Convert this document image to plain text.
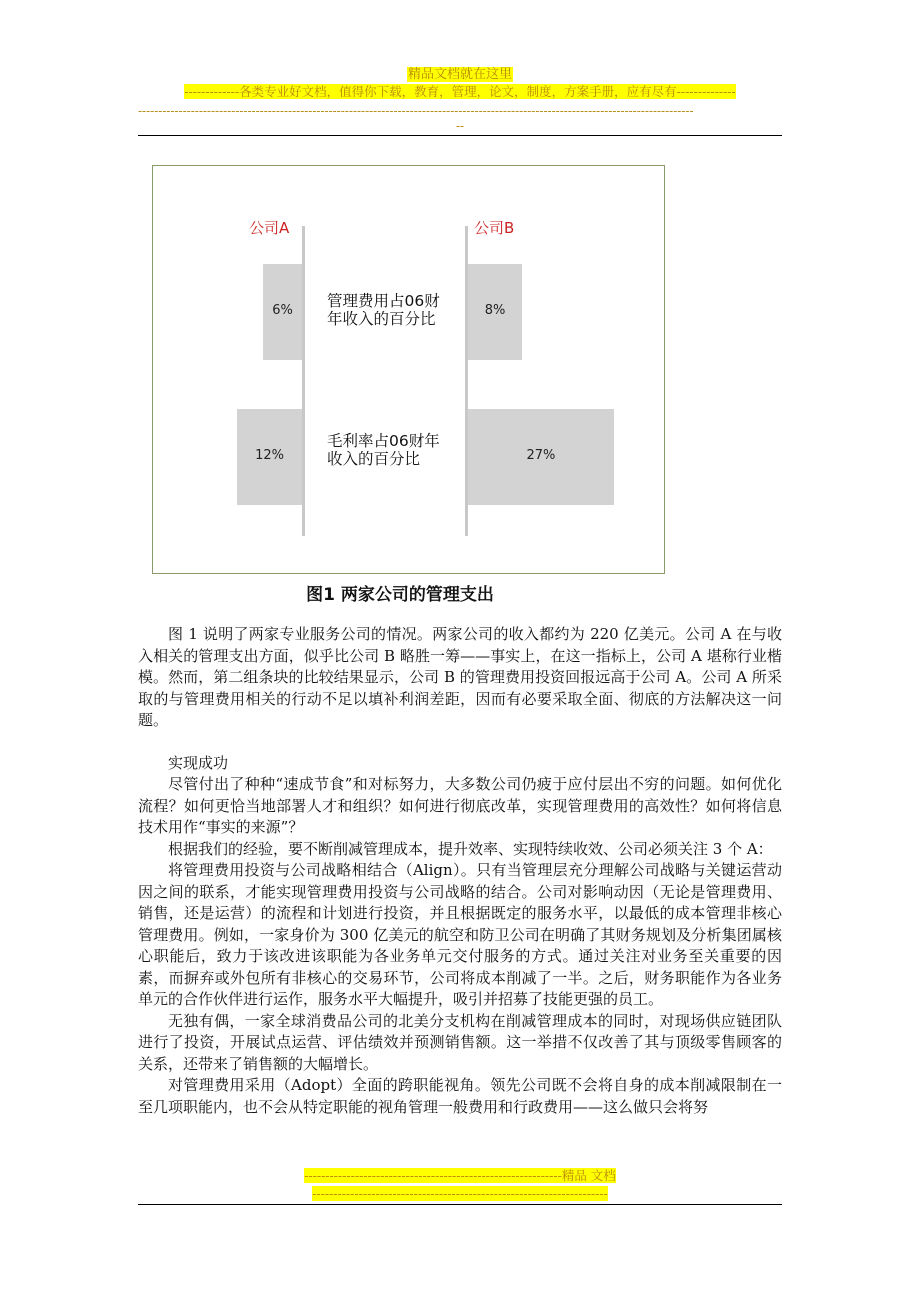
精品文档就在这里
-------------各类专业好文档，值得你下载，教育，管理，论文，制度，方案手册，应有尽有--------------
-----------------------------------------------------------------------------------------------------------------------------------------
--
公司A	公司B
6%	8%
12%	27%
管理费用占06财
年收入的百分比
毛利率占06财年
收入的百分比
图1 两家公司的管理支出

图 1 说明了两家专业服务公司的情况。两家公司的收入都约为 220 亿美元。公司 A 在与收入相关的管理支出方面，似乎比公司 B 略胜一筹——事实上，在这一指标上，公司 A 堪称行业楷模。然而，第二组条块的比较结果显示，公司 B 的管理费用投资回报远高于公司 A。公司 A 所采取的与管理费用相关的行动不足以填补利润差距，因而有必要采取全面、彻底的方法解决这一问题。

实现成功

尽管付出了种种“速成节食”和对标努力，大多数公司仍疲于应付层出不穷的问题。如何优化流程？如何更恰当地部署人才和组织？如何进行彻底改革，实现管理费用的高效性？如何将信息技术用作“事实的来源”？

根据我们的经验，要不断削减管理成本，提升效率、实现特续收效、公司必须关注 3 个 A：

将管理费用投资与公司战略相结合（Align）。只有当管理层充分理解公司战略与关键运营动因之间的联系，才能实现管理费用投资与公司战略的结合。公司对影响动因（无论是管理费用、销售，还是运营）的流程和计划进行投资，并且根据既定的服务水平，以最低的成本管理非核心管理费用。例如，一家身价为 300 亿美元的航空和防卫公司在明确了其财务规划及分析集团属核心职能后，致力于该改进该职能为各业务单元交付服务的方式。通过关注对业务至关重要的因素，而摒弃或外包所有非核心的交易环节，公司将成本削减了一半。之后，财务职能作为各业务单元的合作伙伴进行运作，服务水平大幅提升，吸引并招募了技能更强的员工。

无独有偶，一家全球消费品公司的北美分支机构在削减管理成本的同时，对现场供应链团队进行了投资，开展试点运营、评估绩效并预测销售额。这一举措不仅改善了其与顶级零售顾客的关系，还带来了销售额的大幅增长。

对管理费用采用（Adopt）全面的跨职能视角。领先公司既不会将自身的成本削减限制在一至几项职能内，也不会从特定职能的视角管理一般费用和行政费用——这么做只会将努

-------------------------------------------------------------精品 文档
----------------------------------------------------------------------
